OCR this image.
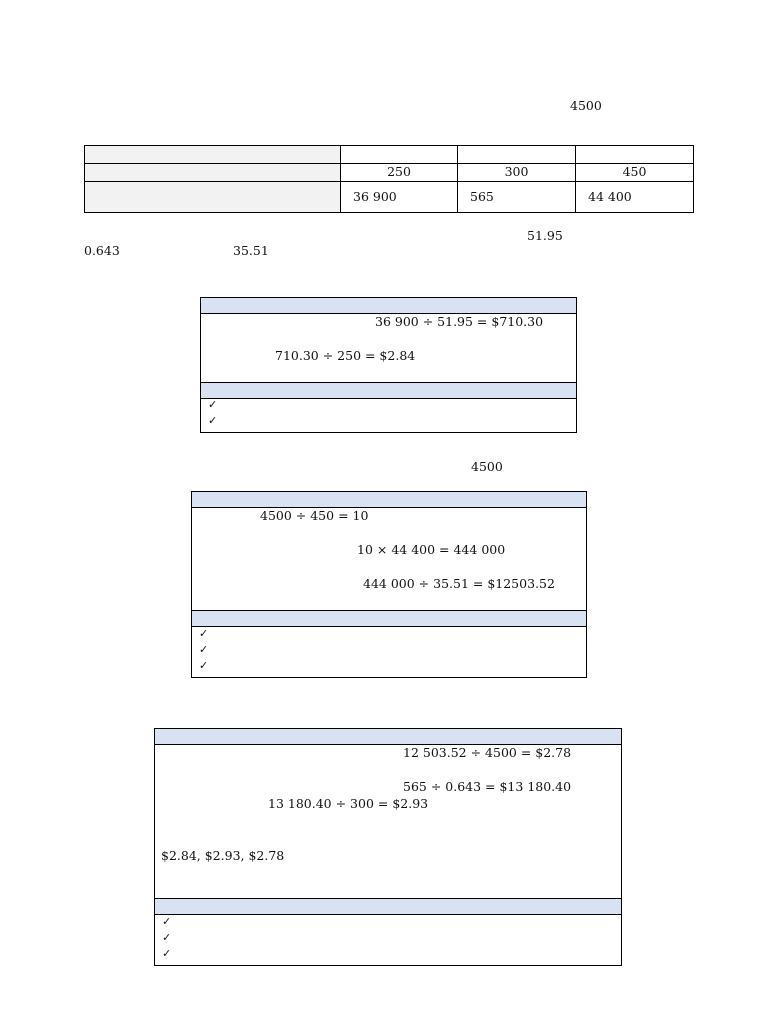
4500

	250	300	450
	36 900	565	44 400
51.95
0.643	35.51
36 900 ÷ 51.95 = $710.30
710.30 ÷ 250 = $2.84
✓
✓
4500
4500 ÷ 450 = 10
10 × 44 400 = 444 000
444 000 ÷ 35.51 = $12503.52
✓
✓
✓
12 503.52 ÷ 4500 = $2.78
565 ÷ 0.643 = $13 180.40
13 180.40 ÷ 300 = $2.93
$2.84, $2.93, $2.78
✓
✓
✓
